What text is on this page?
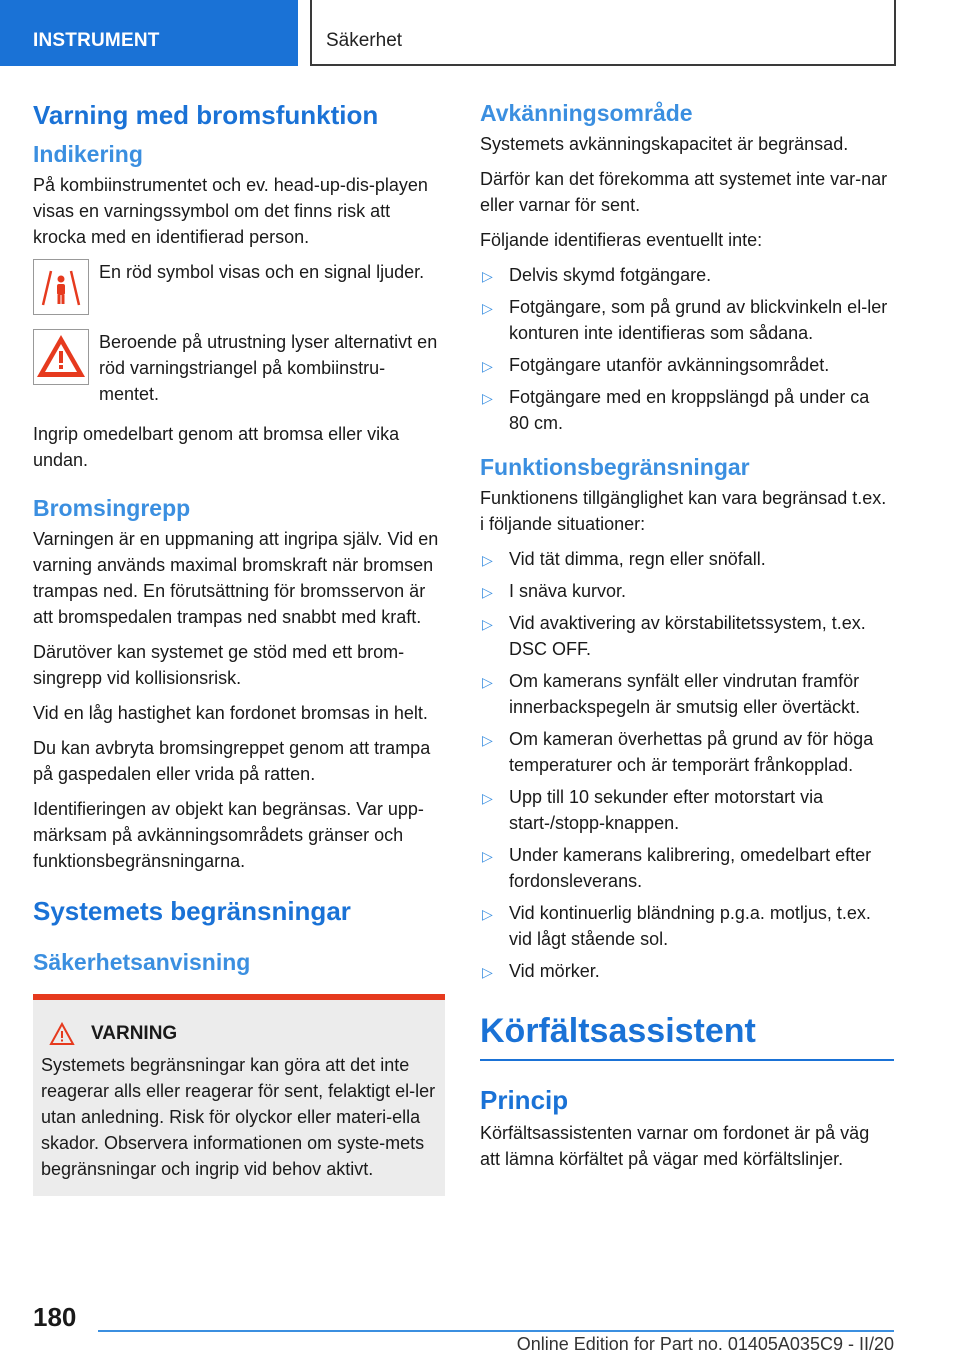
INSTRUMENT	Säkerhet
Varning med bromsfunktion
Indikering

På kombiinstrumentet och ev. head-up-dis-playen visas en varningssymbol om det finns risk att krocka med en identifierad person.

En röd symbol visas och en signal ljuder.

Beroende på utrustning lyser alternativt en röd varningstriangel på kombiinstru-mentet.

Ingrip omedelbart genom att bromsa eller vika undan.

Bromsingrepp

Varningen är en uppmaning att ingripa själv. Vid en varning används maximal bromskraft när bromsen trampas ned. En förutsättning för bromsservon är att bromspedalen trampas ned snabbt med kraft.

Därutöver kan systemet ge stöd med ett brom-singrepp vid kollisionsrisk.

Vid en låg hastighet kan fordonet bromsas in helt.

Du kan avbryta bromsingreppet genom att trampa på gaspedalen eller vrida på ratten.

Identifieringen av objekt kan begränsas. Var upp-märksam på avkänningsområdets gränser och funktionsbegränsningarna.

Systemets begränsningar
Säkerhetsanvisning
VARNING

Systemets begränsningar kan göra att det inte reagerar alls eller reagerar för sent, felaktigt el-ler utan anledning. Risk för olyckor eller materi-ella skador. Observera informationen om syste-mets begränsningar och ingrip vid behov aktivt.

Avkänningsområde

Systemets avkänningskapacitet är begränsad.

Därför kan det förekomma att systemet inte var-nar eller varnar för sent.

Följande identifieras eventuellt inte:

▷ Delvis skymd fotgängare.
▷ Fotgängare, som på grund av blickvinkeln el-ler konturen inte identifieras som sådana.
▷ Fotgängare utanför avkänningsområdet.
▷ Fotgängare med en kroppslängd på under ca 80 cm.
Funktionsbegränsningar

Funktionens tillgänglighet kan vara begränsad t.ex. i följande situationer:

▷ Vid tät dimma, regn eller snöfall.
▷ I snäva kurvor.
▷ Vid avaktivering av körstabilitetssystem, t.ex. DSC OFF.
▷ Om kamerans synfält eller vindrutan framför innerbackspegeln är smutsig eller övertäckt.
▷ Om kameran överhettas på grund av för höga temperaturer och är temporärt frånkopplad.
▷ Upp till 10 sekunder efter motorstart via start-/stopp-knappen.
▷ Under kamerans kalibrering, omedelbart efter fordonsleverans.
▷ Vid kontinuerlig bländning p.g.a. motljus, t.ex. vid lågt stående sol.
▷ Vid mörker.
Körfältsassistent
Princip

Körfältsassistenten varnar om fordonet är på väg att lämna körfältet på vägar med körfältslinjer.

180
Online Edition for Part no. 01405A035C9 - II/20
